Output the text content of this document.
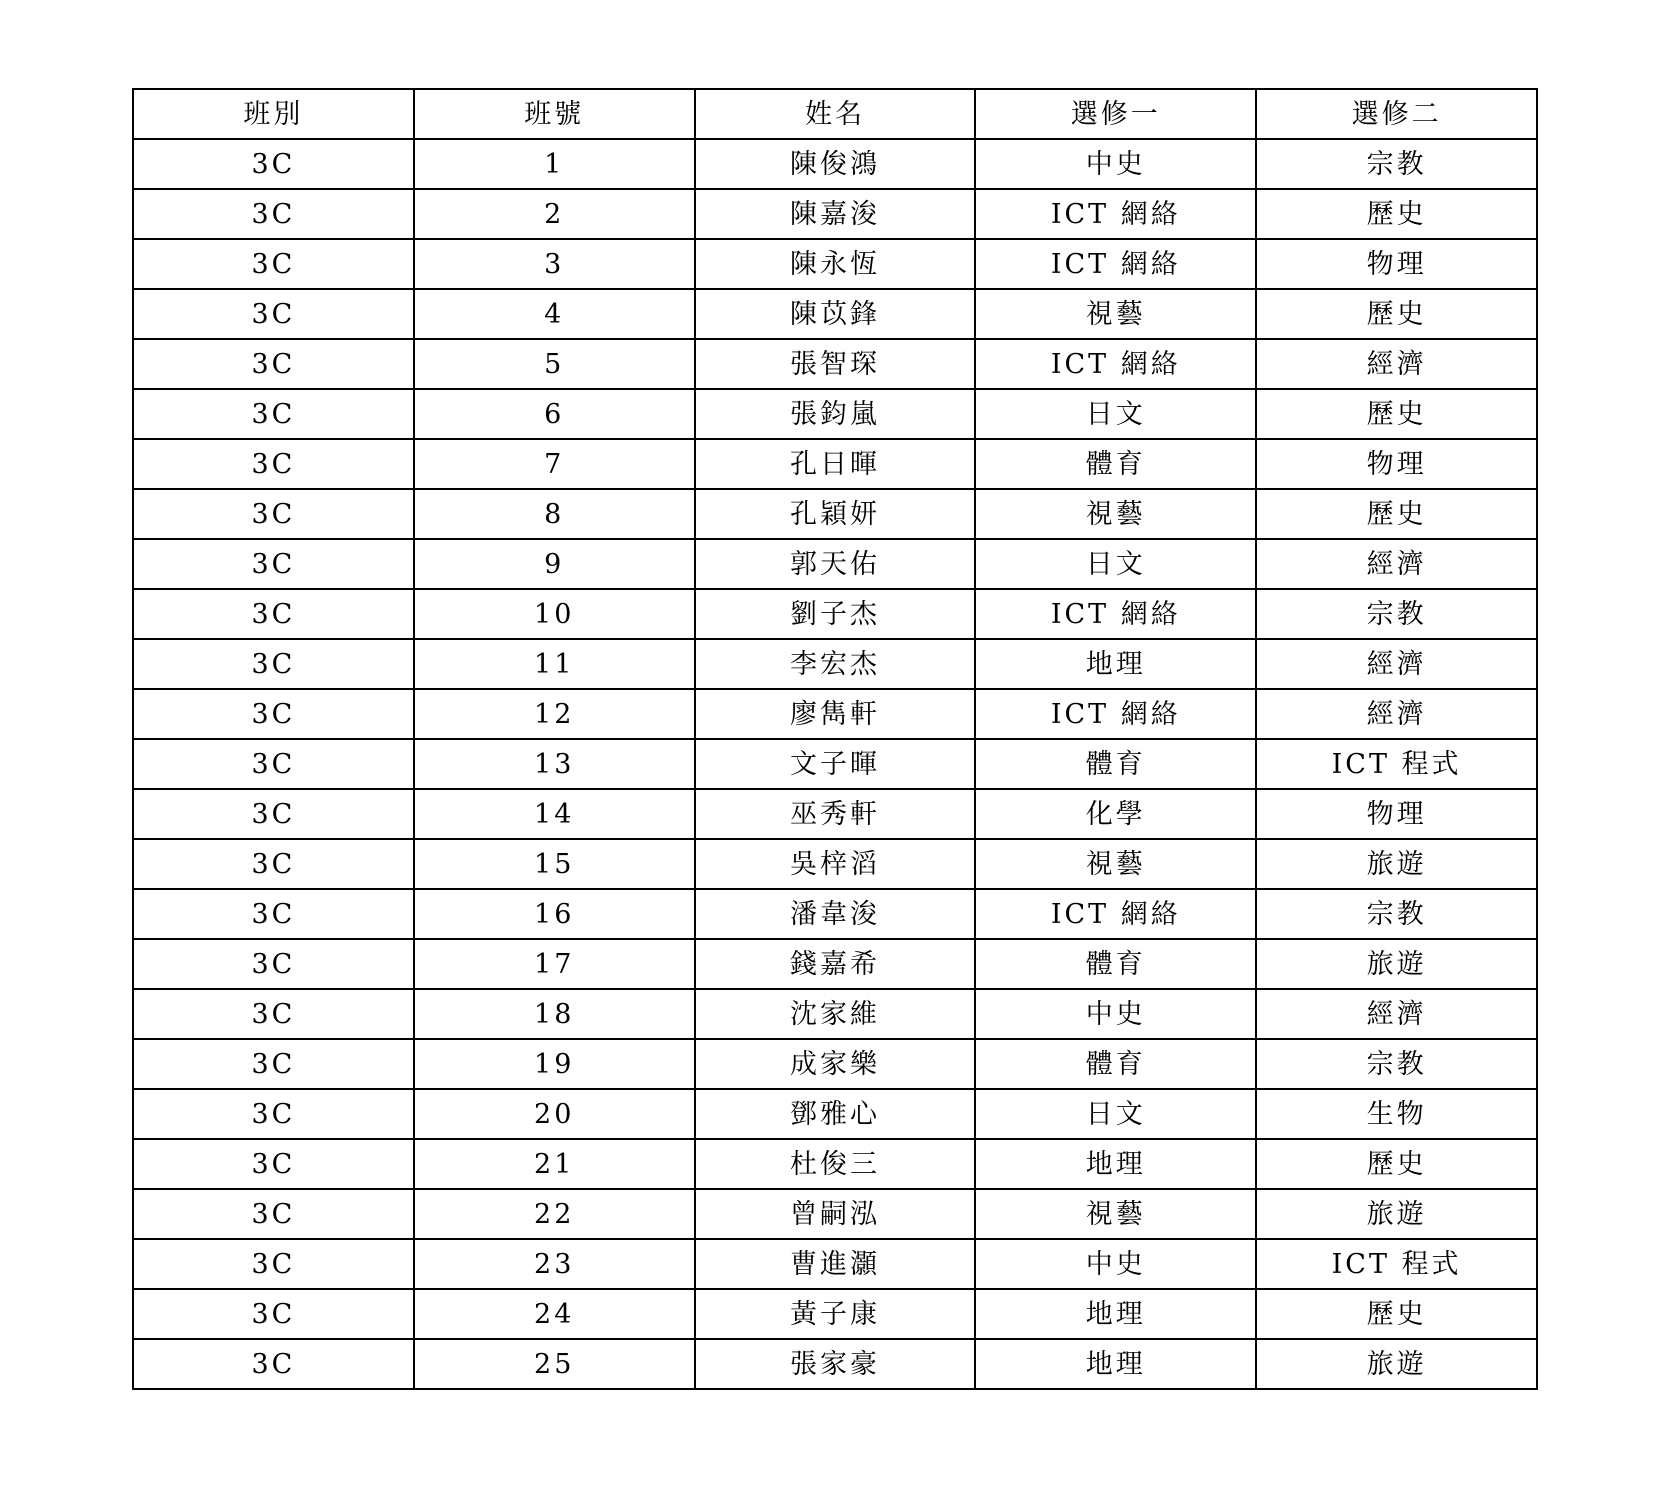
班別	班號	姓名	選修一	選修二
3C	1	陳俊鴻	中史	宗教
3C	2	陳嘉浚	ICT 網絡	歷史
3C	3	陳永恆	ICT 網絡	物理
3C	4	陳苡鋒	視藝	歷史
3C	5	張智琛	ICT 網絡	經濟
3C	6	張鈞嵐	日文	歷史
3C	7	孔日暉	體育	物理
3C	8	孔穎妍	視藝	歷史
3C	9	郭天佑	日文	經濟
3C	10	劉子杰	ICT 網絡	宗教
3C	11	李宏杰	地理	經濟
3C	12	廖雋軒	ICT 網絡	經濟
3C	13	文子暉	體育	ICT 程式
3C	14	巫秀軒	化學	物理
3C	15	吳梓滔	視藝	旅遊
3C	16	潘韋浚	ICT 網絡	宗教
3C	17	錢嘉希	體育	旅遊
3C	18	沈家維	中史	經濟
3C	19	成家樂	體育	宗教
3C	20	鄧雅心	日文	生物
3C	21	杜俊三	地理	歷史
3C	22	曾嗣泓	視藝	旅遊
3C	23	曹進灝	中史	ICT 程式
3C	24	黃子康	地理	歷史
3C	25	張家豪	地理	旅遊
